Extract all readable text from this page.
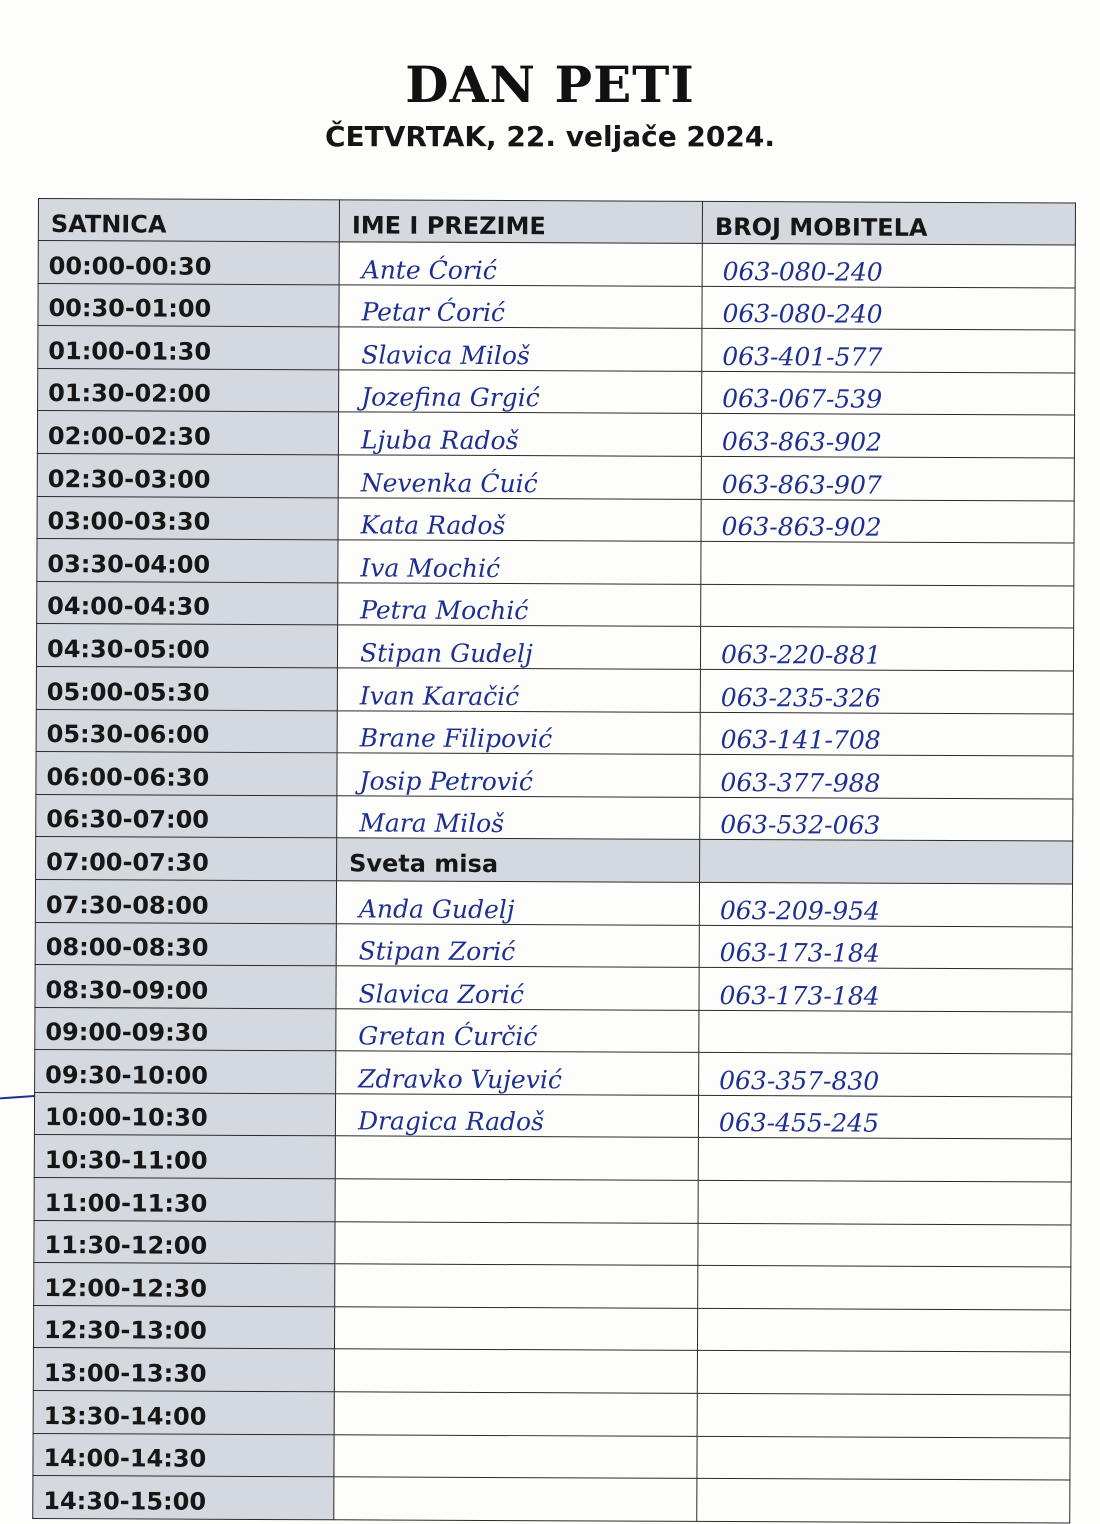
DAN PETI
ČETVRTAK, 22. veljače 2024.
SATNICA	IME I PREZIME	BROJ MOBITELA
00:00-00:30	Ante Ćorić	063-080-240
00:30-01:00	Petar Ćorić	063-080-240
01:00-01:30	Slavica Miloš	063-401-577
01:30-02:00	Jozefina Grgić	063-067-539
02:00-02:30	Ljuba Radoš	063-863-902
02:30-03:00	Nevenka Ćuić	063-863-907
03:00-03:30	Kata Radoš	063-863-902
03:30-04:00	Iva Mochić	
04:00-04:30	Petra Mochić	
04:30-05:00	Stipan Gudelj	063-220-881
05:00-05:30	Ivan Karačić	063-235-326
05:30-06:00	Brane Filipović	063-141-708
06:00-06:30	Josip Petrović	063-377-988
06:30-07:00	Mara Miloš	063-532-063
07:00-07:30	Sveta misa	
07:30-08:00	Anda Gudelj	063-209-954
08:00-08:30	Stipan Zorić	063-173-184
08:30-09:00	Slavica Zorić	063-173-184
09:00-09:30	Gretan Ćurčić	
09:30-10:00	Zdravko Vujević	063-357-830
10:00-10:30	Dragica Radoš	063-455-245
10:30-11:00		
11:00-11:30		
11:30-12:00		
12:00-12:30		
12:30-13:00		
13:00-13:30		
13:30-14:00		
14:00-14:30		
14:30-15:00		
